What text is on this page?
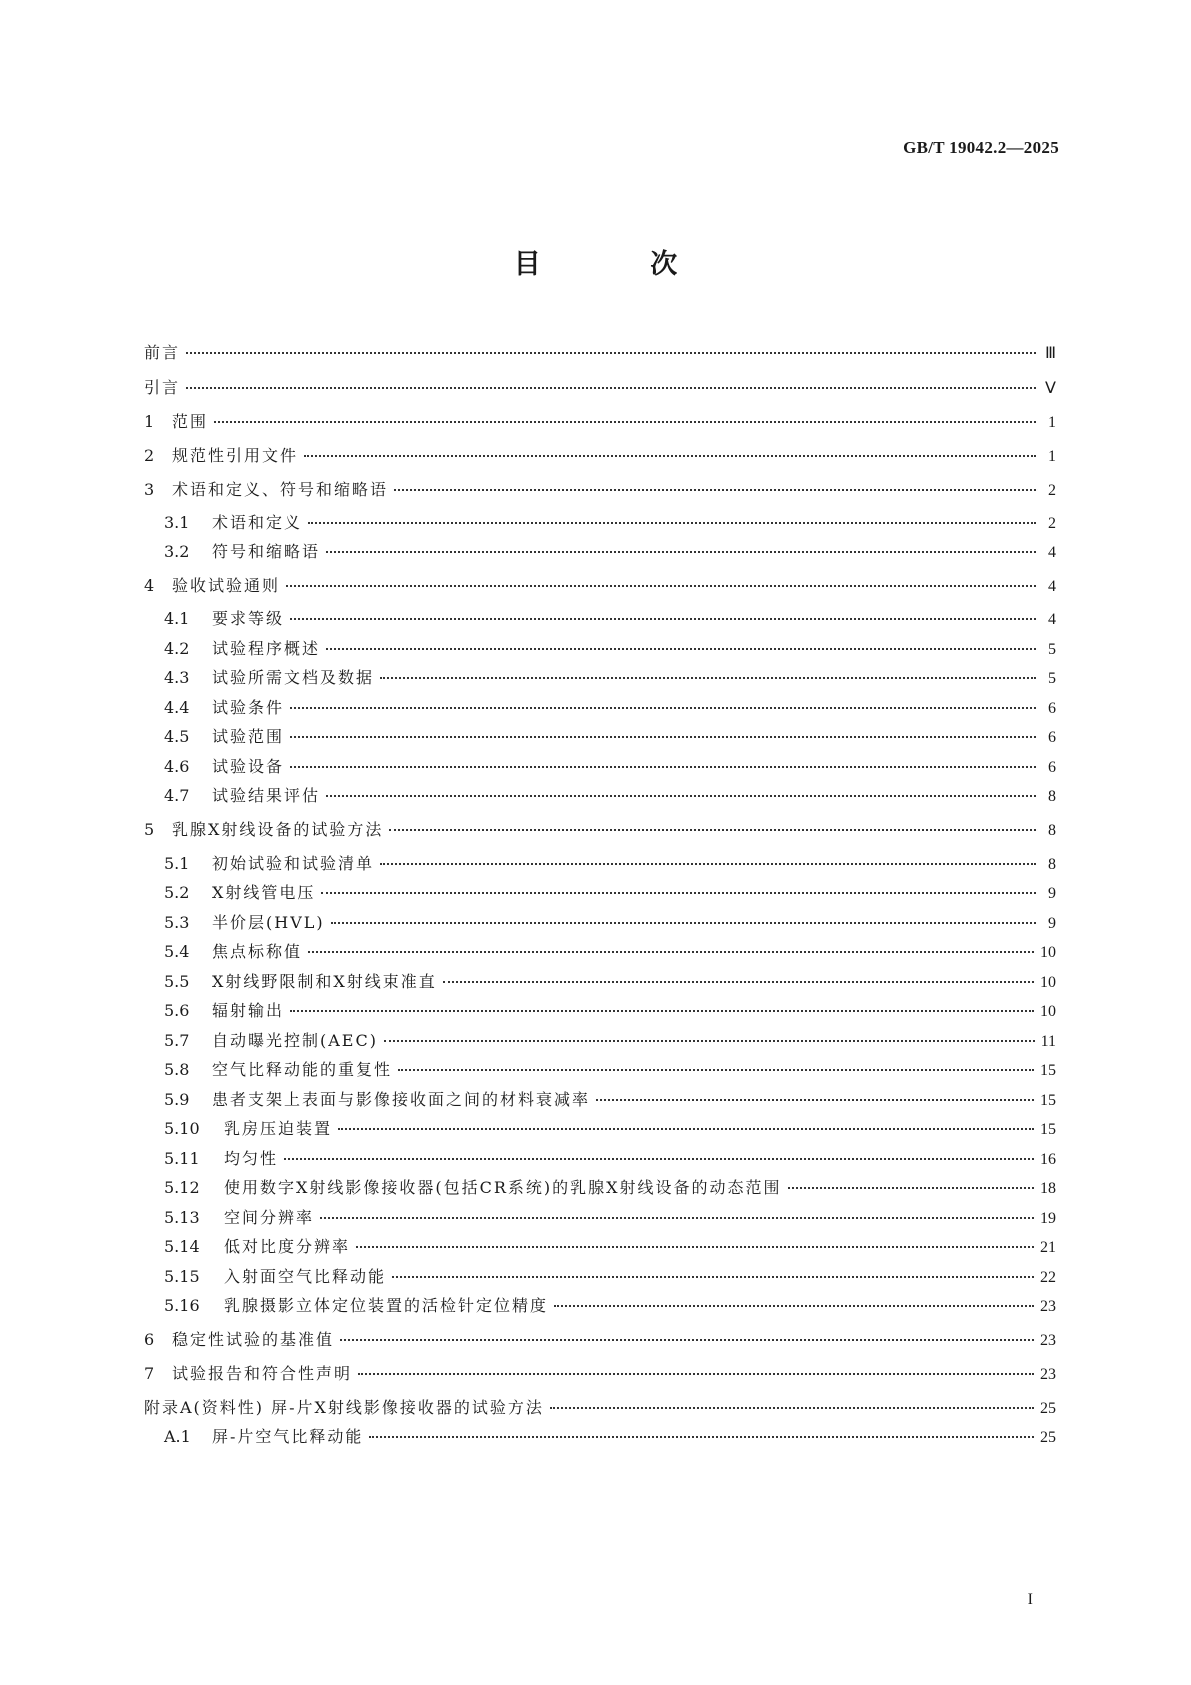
GB/T 19042.2—2025
目 次
前言	Ⅲ
引言	Ⅴ
1	范围	1
2	规范性引用文件	1
3	术语和定义、符号和缩略语	2
3.1	术语和定义	2
3.2	符号和缩略语	4
4	验收试验通则	4
4.1	要求等级	4
4.2	试验程序概述	5
4.3	试验所需文档及数据	5
4.4	试验条件	6
4.5	试验范围	6
4.6	试验设备	6
4.7	试验结果评估	8
5	乳腺X射线设备的试验方法	8
5.1	初始试验和试验清单	8
5.2	X射线管电压	9
5.3	半价层(HVL)	9
5.4	焦点标称值	10
5.5	X射线野限制和X射线束准直	10
5.6	辐射输出	10
5.7	自动曝光控制(AEC)	11
5.8	空气比释动能的重复性	15
5.9	患者支架上表面与影像接收面之间的材料衰减率	15
5.10	乳房压迫装置	15
5.11	均匀性	16
5.12	使用数字X射线影像接收器(包括CR系统)的乳腺X射线设备的动态范围	18
5.13	空间分辨率	19
5.14	低对比度分辨率	21
5.15	入射面空气比释动能	22
5.16	乳腺摄影立体定位装置的活检针定位精度	23
6	稳定性试验的基准值	23
7	试验报告和符合性声明	23
附录A(资料性) 屏-片X射线影像接收器的试验方法	25
A.1	屏-片空气比释动能	25
I
